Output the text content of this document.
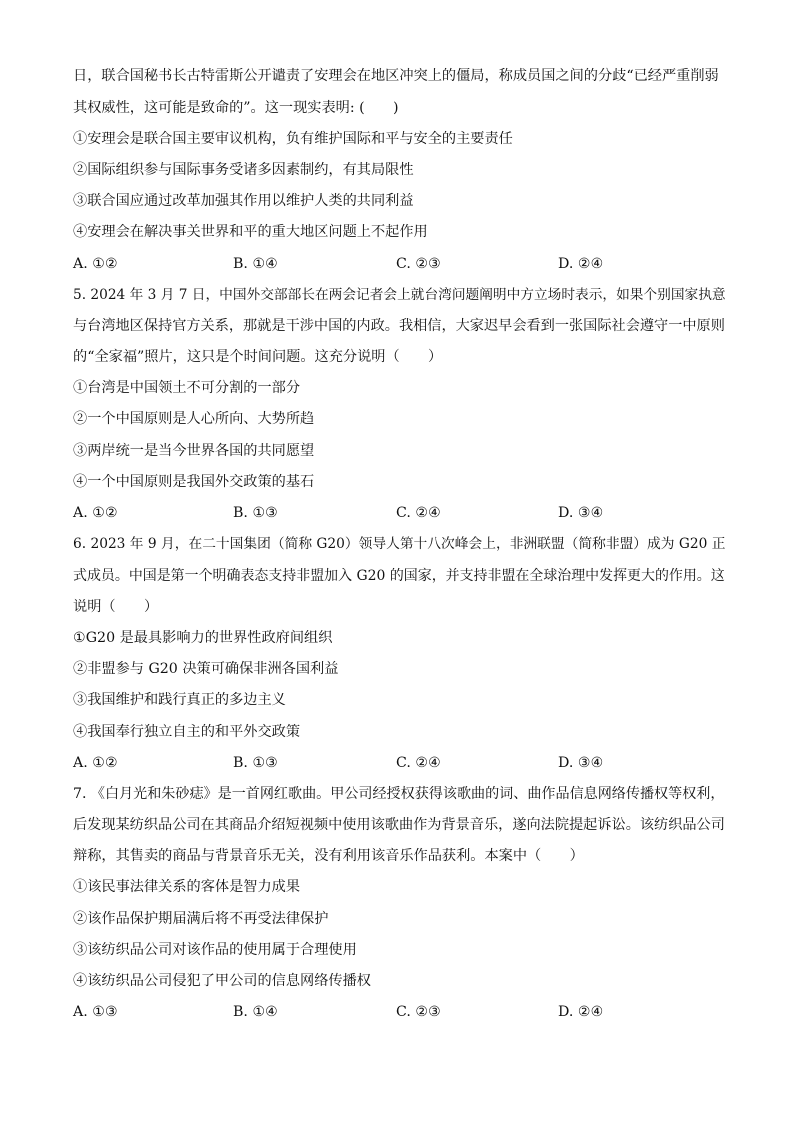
日，联合国秘书长古特雷斯公开谴责了安理会在地区冲突上的僵局，称成员国之间的分歧“已经严重削弱
其权威性，这可能是致命的”。这一现实表明: (　　)
①安理会是联合国主要审议机构，负有维护国际和平与安全的主要责任
②国际组织参与国际事务受诸多因素制约，有其局限性
③联合国应通过改革加强其作用以维护人类的共同利益
④安理会在解决事关世界和平的重大地区问题上不起作用
A. ①②	B. ①④	C. ②③	D. ②④
5. 2024 年 3 月 7 日，中国外交部部长在两会记者会上就台湾问题阐明中方立场时表示，如果个别国家执意
与台湾地区保持官方关系，那就是干涉中国的内政。我相信，大家迟早会看到一张国际社会遵守一中原则
的“全家福”照片，这只是个时间问题。这充分说明（　　）
①台湾是中国领土不可分割的一部分
②一个中国原则是人心所向、大势所趋
③两岸统一是当今世界各国的共同愿望
④一个中国原则是我国外交政策的基石
A. ①②	B. ①③	C. ②④	D. ③④
6. 2023 年 9 月，在二十国集团（简称 G20）领导人第十八次峰会上，非洲联盟（简称非盟）成为 G20 正
式成员。中国是第一个明确表态支持非盟加入 G20 的国家，并支持非盟在全球治理中发挥更大的作用。这
说明（　　）
①G20 是最具影响力的世界性政府间组织
②非盟参与 G20 决策可确保非洲各国利益
③我国维护和践行真正的多边主义
④我国奉行独立自主的和平外交政策
A. ①②	B. ①③	C. ②④	D. ③④
7. 《白月光和朱砂痣》是一首网红歌曲。甲公司经授权获得该歌曲的词、曲作品信息网络传播权等权利，
后发现某纺织品公司在其商品介绍短视频中使用该歌曲作为背景音乐，遂向法院提起诉讼。该纺织品公司
辩称，其售卖的商品与背景音乐无关，没有利用该音乐作品获利。本案中（　　）
①该民事法律关系的客体是智力成果
②该作品保护期届满后将不再受法律保护
③该纺织品公司对该作品的使用属于合理使用
④该纺织品公司侵犯了甲公司的信息网络传播权
A. ①③	B. ①④	C. ②③	D. ②④
